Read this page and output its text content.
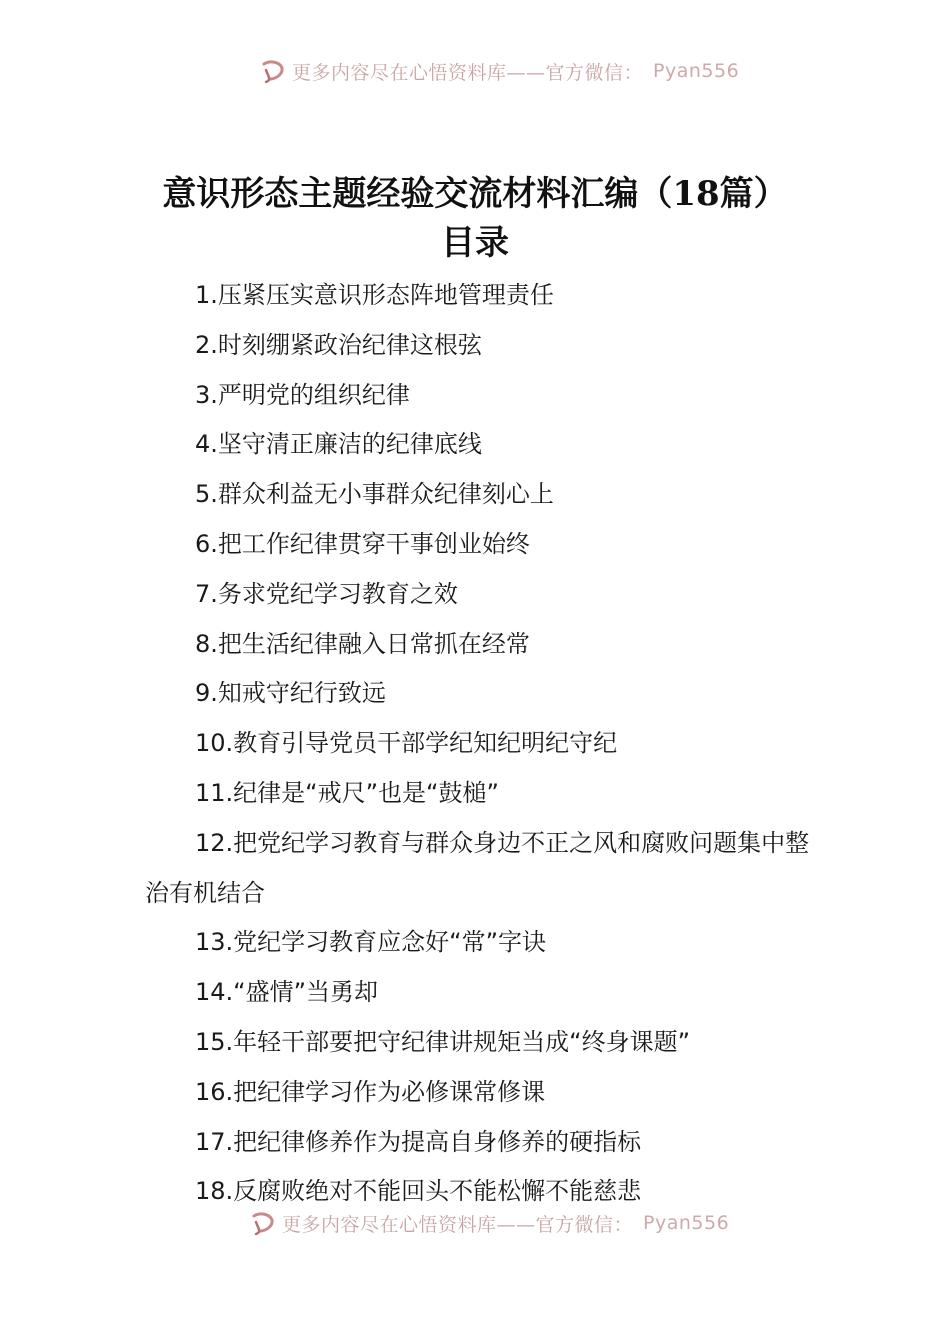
更多内容尽在心悟资料库——官方微信： Pyan556
意识形态主题经验交流材料汇编（18篇）
目录
1.压紧压实意识形态阵地管理责任
2.时刻绷紧政治纪律这根弦
3.严明党的组织纪律
4.坚守清正廉洁的纪律底线
5.群众利益无小事群众纪律刻心上
6.把工作纪律贯穿干事创业始终
7.务求党纪学习教育之效
8.把生活纪律融入日常抓在经常
9.知戒守纪行致远
10.教育引导党员干部学纪知纪明纪守纪
11.纪律是“戒尺”也是“鼓槌”
12.把党纪学习教育与群众身边不正之风和腐败问题集中整治有机结合
13.党纪学习教育应念好“常”字诀
14.“盛情”当勇却
15.年轻干部要把守纪律讲规矩当成“终身课题”
16.把纪律学习作为必修课常修课
17.把纪律修养作为提高自身修养的硬指标
18.反腐败绝对不能回头不能松懈不能慈悲
更多内容尽在心悟资料库——官方微信： Pyan556
